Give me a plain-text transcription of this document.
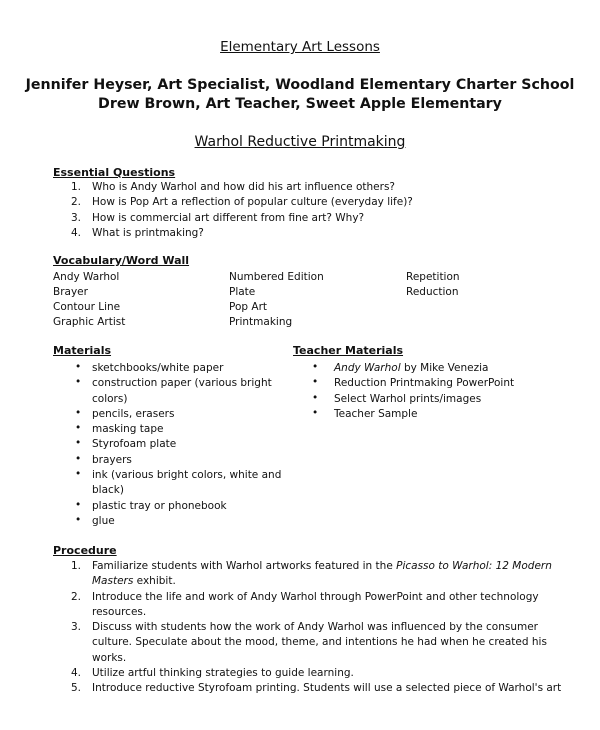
Elementary Art Lessons
Jennifer Heyser, Art Specialist, Woodland Elementary Charter School
Drew Brown, Art Teacher, Sweet Apple Elementary
Warhol Reductive Printmaking
Essential Questions
1. Who is Andy Warhol and how did his art influence others?
2. How is Pop Art a reflection of popular culture (everyday life)?
3. How is commercial art different from fine art? Why?
4. What is printmaking?
Vocabulary/Word Wall
Andy Warhol
Brayer
Contour Line
Graphic Artist
Numbered Edition
Plate
Pop Art
Printmaking
Repetition
Reduction
Materials
• sketchbooks/white paper
• construction paper (various bright
colors)
• pencils, erasers
• masking tape
• Styrofoam plate
• brayers
• ink (various bright colors, white and
black)
• plastic tray or phonebook
• glue
Teacher Materials
• Andy Warhol by Mike Venezia
• Reduction Printmaking PowerPoint
• Select Warhol prints/images
• Teacher Sample
Procedure
1. Familiarize students with Warhol artworks featured in the Picasso to Warhol: 12 Modern
Masters exhibit.
2. Introduce the life and work of Andy Warhol through PowerPoint and other technology
resources.
3. Discuss with students how the work of Andy Warhol was influenced by the consumer
culture. Speculate about the mood, theme, and intentions he had when he created his
works.
4. Utilize artful thinking strategies to guide learning.
5. Introduce reductive Styrofoam printing. Students will use a selected piece of Warhol's art
